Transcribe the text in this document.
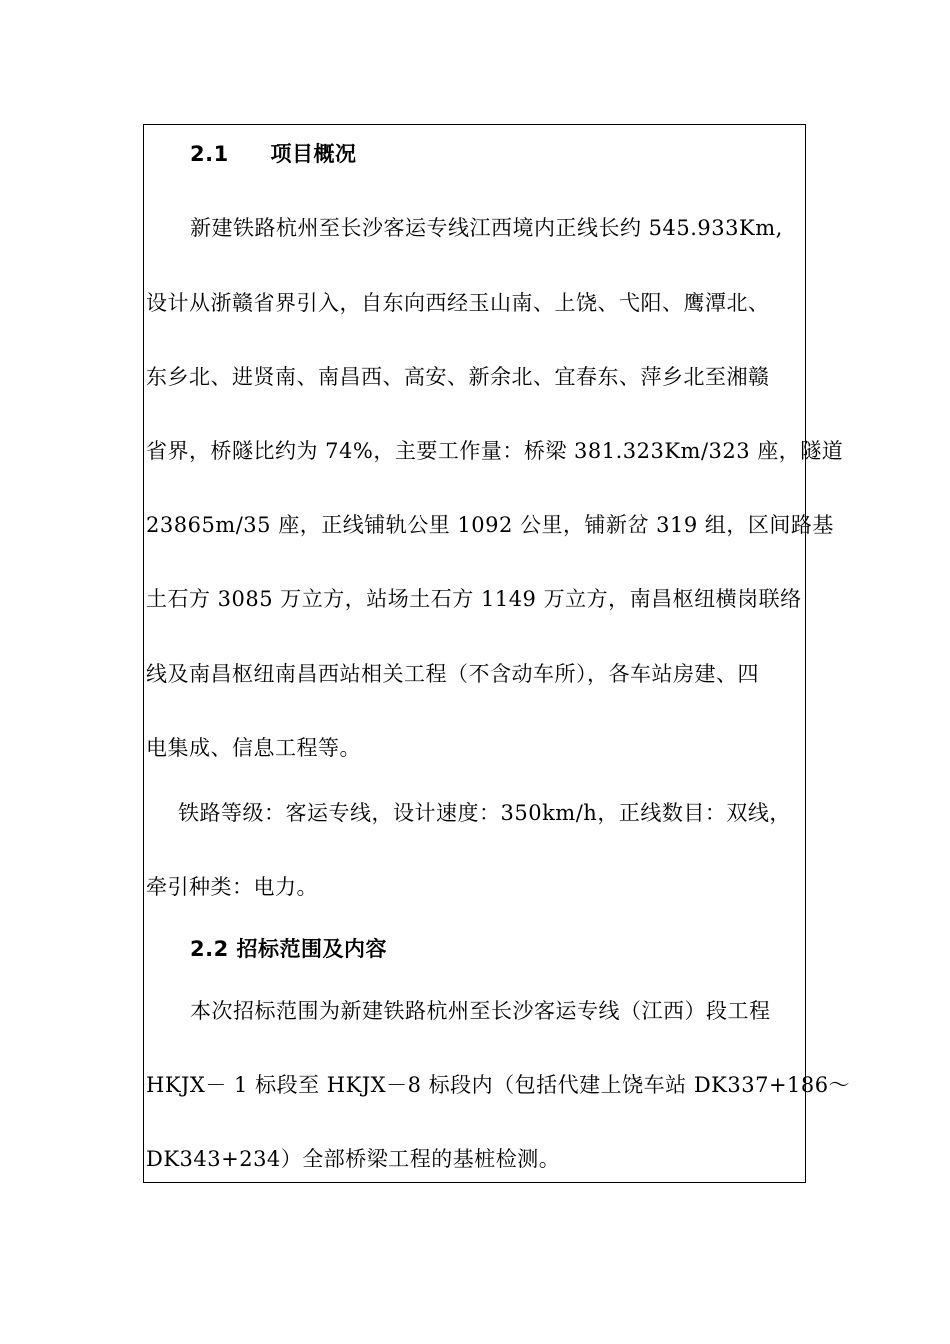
2.1 项目概况
新建铁路杭州至长沙客运专线江西境内正线长约 545.933Km,
设计从浙赣省界引入，自东向西经玉山南、上饶、弋阳、鹰潭北、
东乡北、进贤南、南昌西、高安、新余北、宜春东、萍乡北至湘赣
省界，桥隧比约为 74%，主要工作量：桥梁 381.323Km/323 座，隧道
23865m/35 座，正线铺轨公里 1092 公里，铺新岔 319 组，区间路基
土石方 3085 万立方，站场土石方 1149 万立方，南昌枢纽横岗联络
线及南昌枢纽南昌西站相关工程（不含动车所），各车站房建、四
电集成、信息工程等。
铁路等级：客运专线，设计速度：350km/h，正线数目：双线，
牵引种类：电力。
2.2 招标范围及内容
本次招标范围为新建铁路杭州至长沙客运专线（江西）段工程
HKJX－ 1 标段至 HKJX－8 标段内（包括代建上饶车站 DK337+186～
DK343+234）全部桥梁工程的基桩检测。
